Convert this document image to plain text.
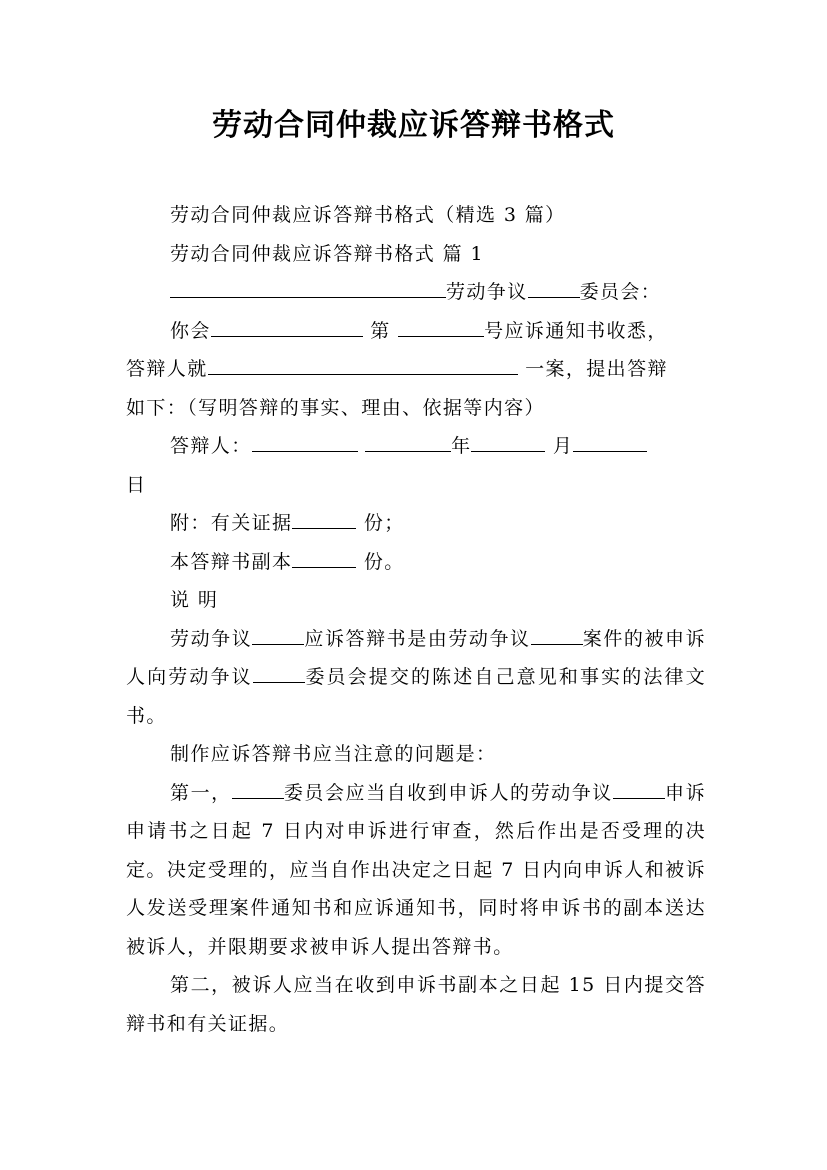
劳动合同仲裁应诉答辩书格式

劳动合同仲裁应诉答辩书格式（精选 3 篇）

劳动合同仲裁应诉答辩书格式 篇 1

劳动争议	委员会：

你会	第	号应诉通知书收悉，

答辩人就	一案，提出答辩

如下：（写明答辩的事实、理由、依据等内容）

答辩人：	年	月

日

附：有关证据	份；

本答辩书副本	份。

说 明

劳动争议	应诉答辩书是由劳动争议	案件的被申诉人向劳动争议	委员会提交的陈述自己意见和事实的法律文书。

制作应诉答辩书应当注意的问题是：

第一，	委员会应当自收到申诉人的劳动争议	申诉申请书之日起 7 日内对申诉进行审查，然后作出是否受理的决定。决定受理的，应当自作出决定之日起 7 日内向申诉人和被诉人发送受理案件通知书和应诉通知书，同时将申诉书的副本送达被诉人，并限期要求被申诉人提出答辩书。

第二，被诉人应当在收到申诉书副本之日起 15 日内提交答辩书和有关证据。
